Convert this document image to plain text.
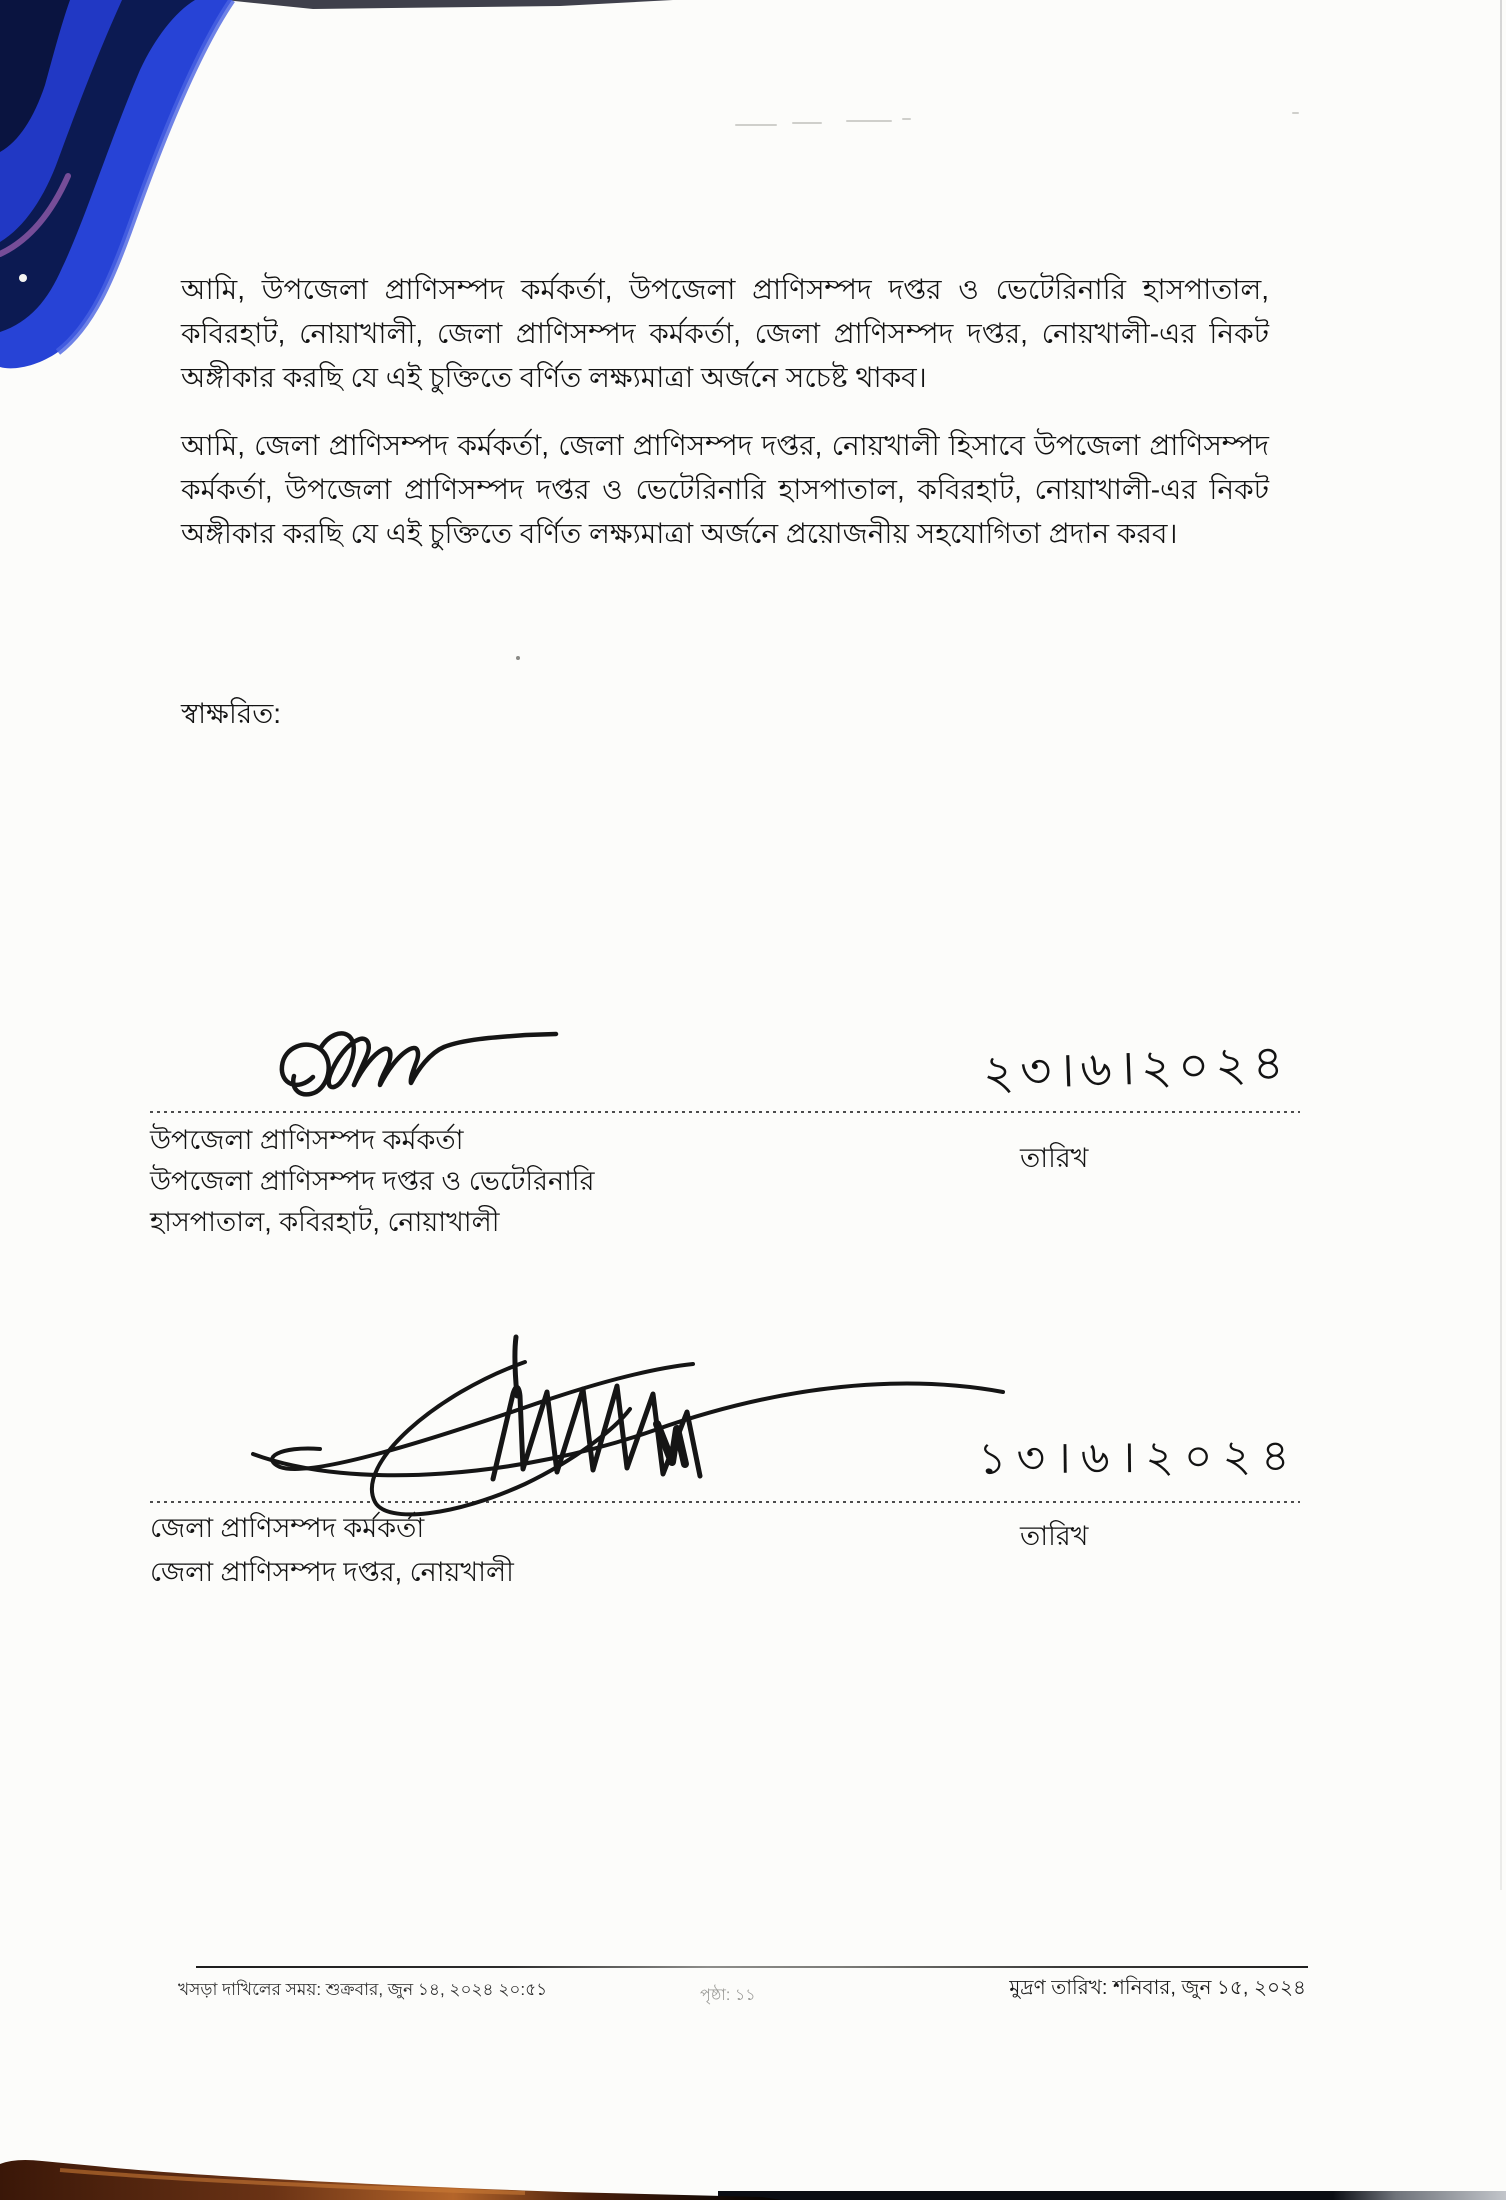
আমি, উপজেলা প্রাণিসম্পদ কর্মকর্তা, উপজেলা প্রাণিসম্পদ দপ্তর ও ভেটেরিনারি হাসপাতাল, কবিরহাট, নোয়াখালী, জেলা প্রাণিসম্পদ কর্মকর্তা, জেলা প্রাণিসম্পদ দপ্তর, নোয়খালী-এর নিকট অঙ্গীকার করছি যে এই চুক্তিতে বর্ণিত লক্ষ্যমাত্রা অর্জনে সচেষ্ট থাকব।
আমি, জেলা প্রাণিসম্পদ কর্মকর্তা, জেলা প্রাণিসম্পদ দপ্তর, নোয়খালী হিসাবে উপজেলা প্রাণিসম্পদ কর্মকর্তা, উপজেলা প্রাণিসম্পদ দপ্তর ও ভেটেরিনারি হাসপাতাল, কবিরহাট, নোয়াখালী-এর নিকট অঙ্গীকার করছি যে এই চুক্তিতে বর্ণিত লক্ষ্যমাত্রা অর্জনে প্রয়োজনীয় সহযোগিতা প্রদান করব।
স্বাক্ষরিত:
২৩।৬।২০২৪
উপজেলা প্রাণিসম্পদ কর্মকর্তা
উপজেলা প্রাণিসম্পদ দপ্তর ও ভেটেরিনারি
হাসপাতাল, কবিরহাট, নোয়াখালী
তারিখ
১৩।৬।২০২৪
জেলা প্রাণিসম্পদ কর্মকর্তা
জেলা প্রাণিসম্পদ দপ্তর, নোয়খালী
তারিখ
খসড়া দাখিলের সময়: শুক্রবার, জুন ১৪, ২০২৪ ২০:৫১	পৃষ্ঠা: ১১	মুদ্রণ তারিখ: শনিবার, জুন ১৫, ২০২৪
